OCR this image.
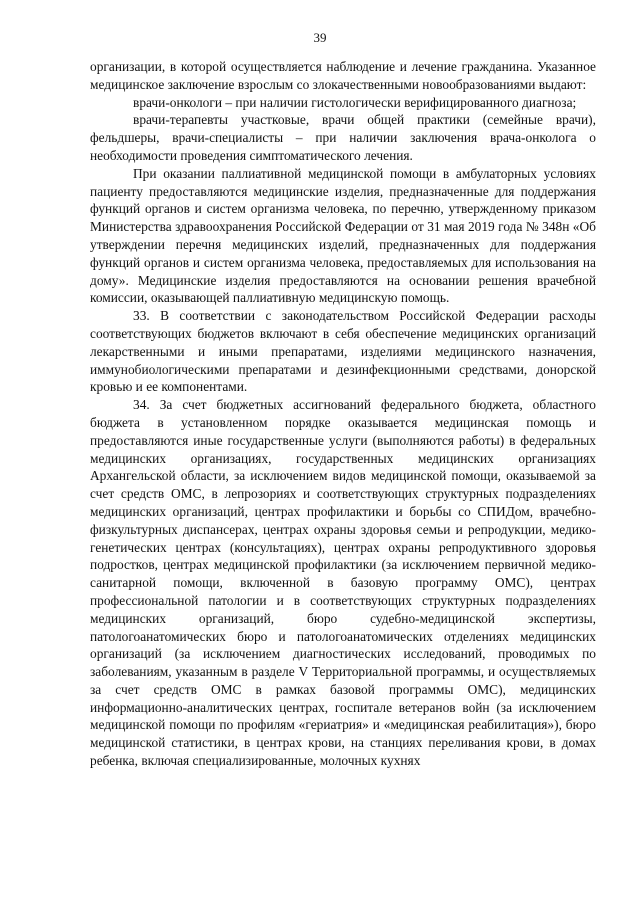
39

организации, в которой осуществляется наблюдение и лечение гражданина. Указанное медицинское заключение взрослым со злокачественными новообразованиями выдают:

врачи-онкологи – при наличии гистологически верифицированного диагноза;

врачи-терапевты участковые, врачи общей практики (семейные врачи), фельдшеры, врачи-специалисты – при наличии заключения врача-онколога о необходимости проведения симптоматического лечения.

При оказании паллиативной медицинской помощи в амбулаторных условиях пациенту предоставляются медицинские изделия, предназначенные для поддержания функций органов и систем организма человека, по перечню, утвержденному приказом Министерства здравоохранения Российской Федерации от 31 мая 2019 года № 348н «Об утверждении перечня медицинских изделий, предназначенных для поддержания функций органов и систем организма человека, предоставляемых для использования на дому». Медицинские изделия предоставляются на основании решения врачебной комиссии, оказывающей паллиативную медицинскую помощь.

33. В соответствии с законодательством Российской Федерации расходы соответствующих бюджетов включают в себя обеспечение медицинских организаций лекарственными и иными препаратами, изделиями медицинского назначения, иммунобиологическими препаратами и дезинфекционными средствами, донорской кровью и ее компонентами.

34. За счет бюджетных ассигнований федерального бюджета, областного бюджета в установленном порядке оказывается медицинская помощь и предоставляются иные государственные услуги (выполняются работы) в федеральных медицинских организациях, государственных медицинских организациях Архангельской области, за исключением видов медицинской помощи, оказываемой за счет средств ОМС, в лепрозориях и соответствующих структурных подразделениях медицинских организаций, центрах профилактики и борьбы со СПИДом, врачебно-физкультурных диспансерах, центрах охраны здоровья семьи и репродукции, медико-генетических центрах (консультациях), центрах охраны репродуктивного здоровья подростков, центрах медицинской профилактики (за исключением первичной медико-санитарной помощи, включенной в базовую программу ОМС), центрах профессиональной патологии и в соответствующих структурных подразделениях медицинских организаций, бюро судебно-медицинской экспертизы, патологоанатомических бюро и патологоанатомических отделениях медицинских организаций (за исключением диагностических исследований, проводимых по заболеваниям, указанным в разделе V Территориальной программы, и осуществляемых за счет средств ОМС в рамках базовой программы ОМС), медицинских информационно-аналитических центрах, госпитале ветеранов войн (за исключением медицинской помощи по профилям «гериатрия» и «медицинская реабилитация»), бюро медицинской статистики, в центрах крови, на станциях переливания крови, в домах ребенка, включая специализированные, молочных кухнях
